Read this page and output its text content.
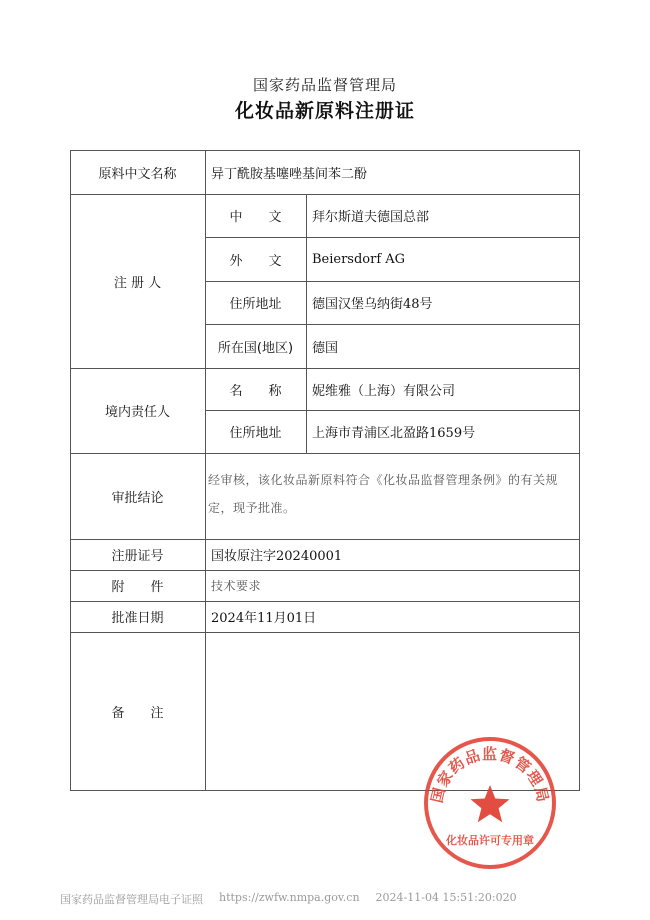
国家药品监督管理局
化妆品新原料注册证
原料中文名称	异丁酰胺基噻唑基间苯二酚
注 册 人
中　　文	拜尔斯道夫德国总部
外　　文	Beiersdorf AG
住所地址	德国汉堡乌纳街48号
所在国(地区)	德国
境内责任人
名　　称	妮维雅（上海）有限公司
住所地址	上海市青浦区北盈路1659号
审批结论
经审核，该化妆品新原料符合《化妆品监督管理条例》的有关规定，现予批准。
注册证号	国妆原注字20240001
附　　件	技术要求
批准日期	2024年11月01日
备　　注
国家药品监督管理局
化妆品许可专用章
国家药品监督管理局电子证照 https://zwfw.nmpa.gov.cn 2024-11-04 15:51:20:020
